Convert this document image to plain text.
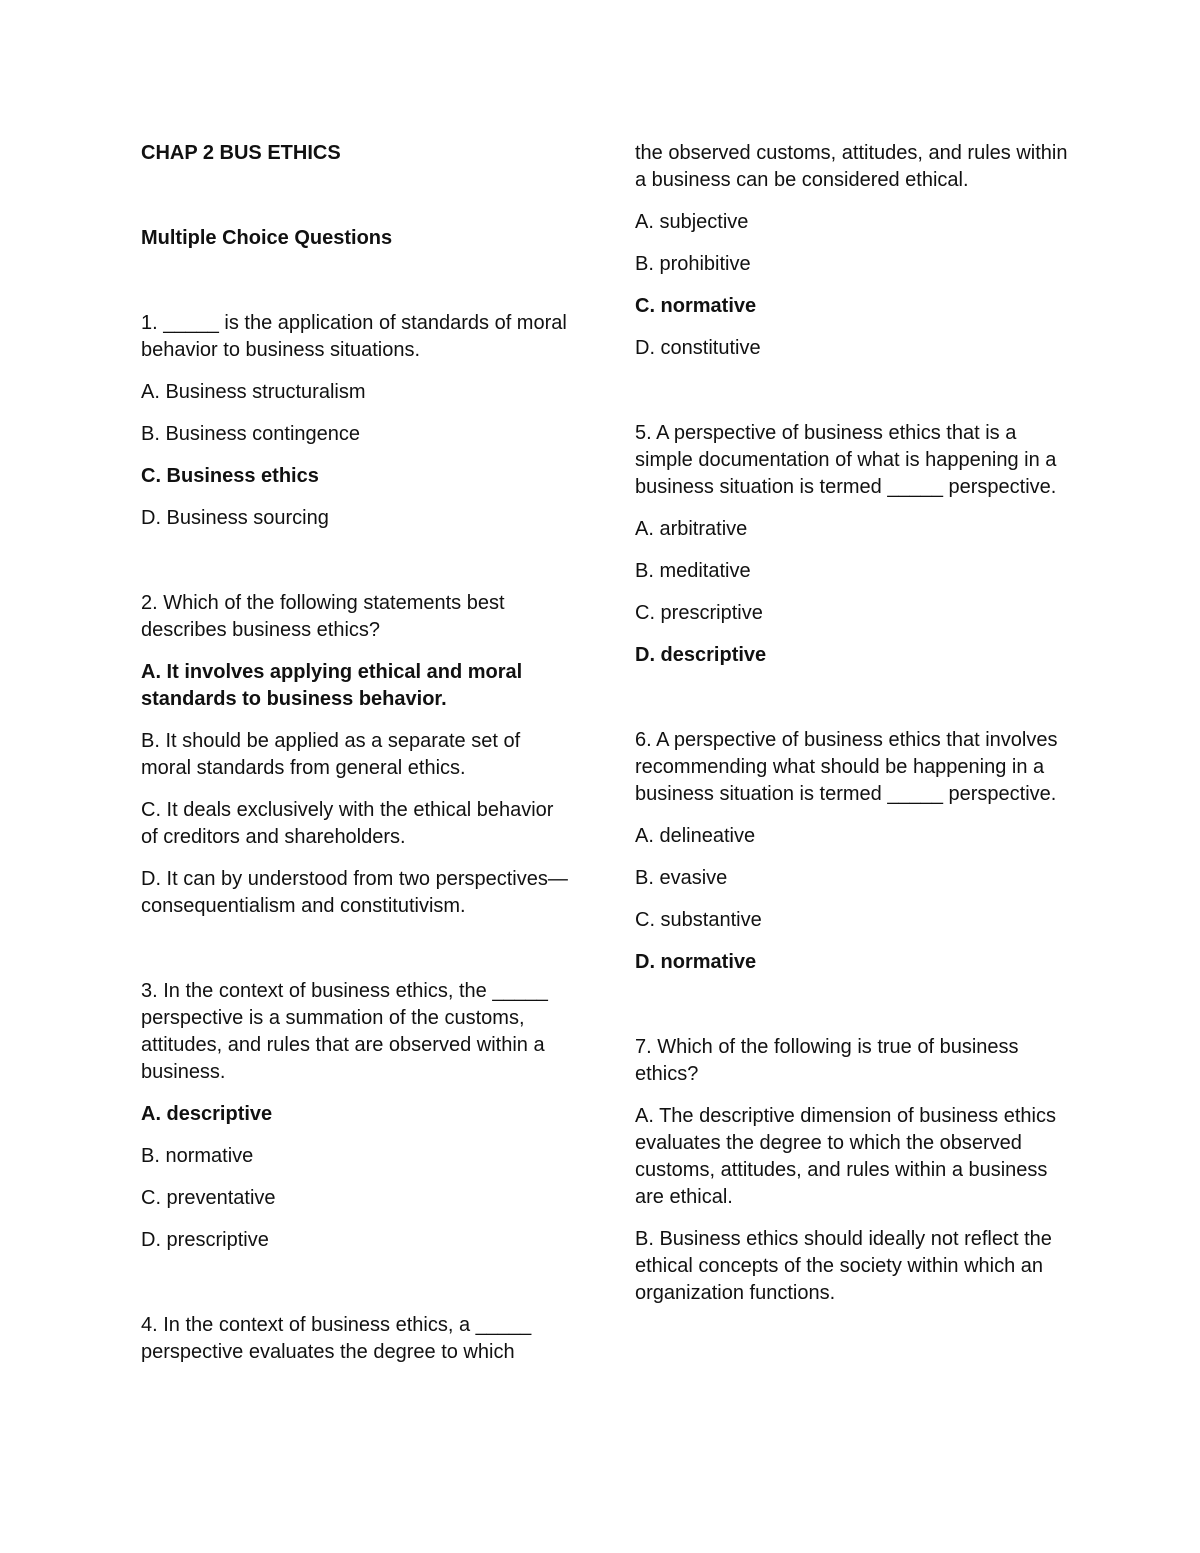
CHAP 2 BUS ETHICS

Multiple Choice Questions

1. _____ is the application of standards of moral behavior to business situations.

A. Business structuralism

B. Business contingence

C. Business ethics

D. Business sourcing

2. Which of the following statements best describes business ethics?

A. It involves applying ethical and moral standards to business behavior.

B. It should be applied as a separate set of moral standards from general ethics.

C. It deals exclusively with the ethical behavior of creditors and shareholders.

D. It can by understood from two perspectives—consequentialism and constitutivism.

3. In the context of business ethics, the _____ perspective is a summation of the customs, attitudes, and rules that are observed within a business.

A. descriptive

B. normative

C. preventative

D. prescriptive

4. In the context of business ethics, a _____ perspective evaluates the degree to which

the observed customs, attitudes, and rules within a business can be considered ethical.

A. subjective

B. prohibitive

C. normative

D. constitutive

5. A perspective of business ethics that is a simple documentation of what is happening in a business situation is termed _____ perspective.

A. arbitrative

B. meditative

C. prescriptive

D. descriptive

6. A perspective of business ethics that involves recommending what should be happening in a business situation is termed _____ perspective.

A. delineative

B. evasive

C. substantive

D. normative

7. Which of the following is true of business ethics?

A. The descriptive dimension of business ethics evaluates the degree to which the observed customs, attitudes, and rules within a business are ethical.

B. Business ethics should ideally not reflect the ethical concepts of the society within which an organization functions.
